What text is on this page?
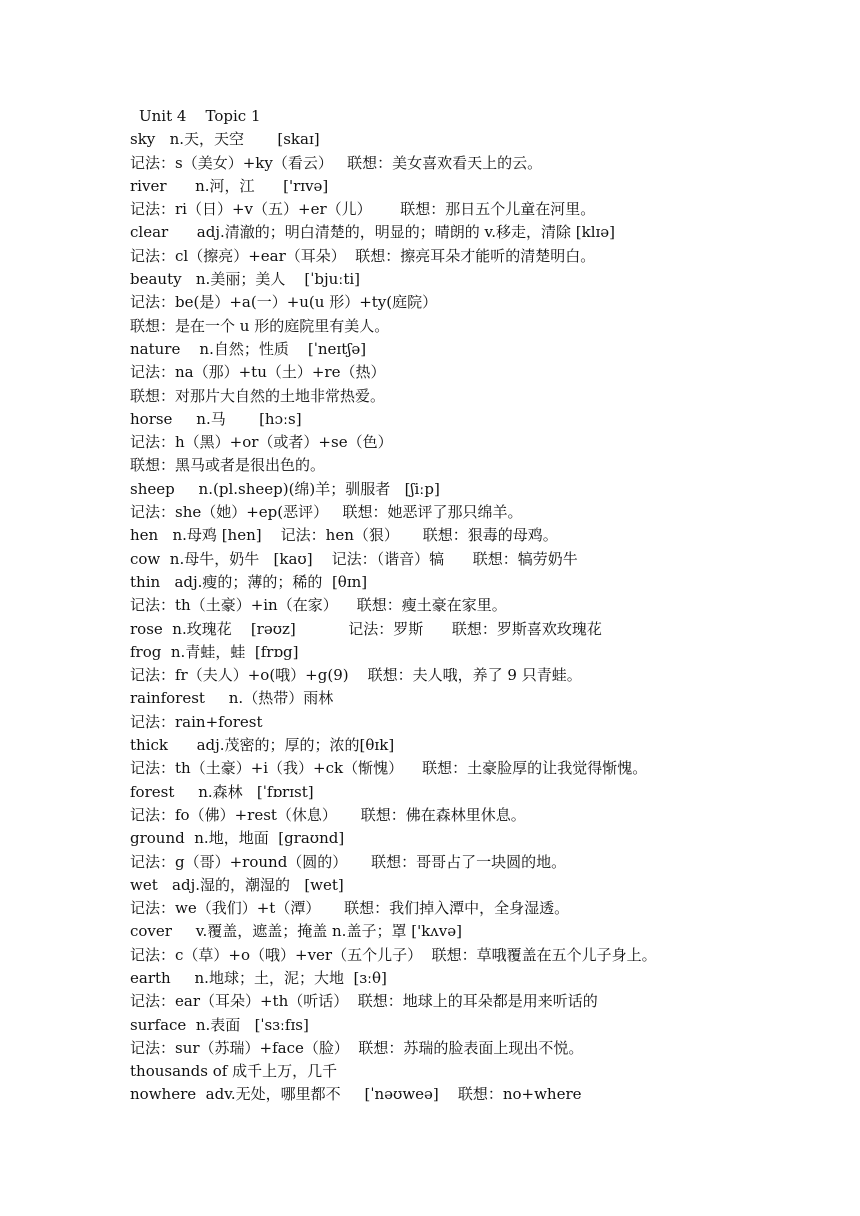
Unit 4    Topic 1
sky   n.天，天空       [skaɪ]
记法：s（美女）+ky（看云）   联想：美女喜欢看天上的云。
river      n.河，江      ['rɪvə]
记法：ri（日）+v（五）+er（儿）      联想：那日五个儿童在河里。
clear      adj.清澈的；明白清楚的，明显的；晴朗的 v.移走，清除 [klɪə]
记法：cl（擦亮）+ear（耳朵）  联想：擦亮耳朵才能听的清楚明白。
beauty   n.美丽；美人    [ˈbjuːti]
记法：be(是）+a(一）+u(u 形）+ty(庭院）
联想：是在一个 u 形的庭院里有美人。
nature    n.自然；性质    [ˈneɪtʃə]
记法：na（那）+tu（土）+re（热）
联想：对那片大自然的土地非常热爱。
horse     n.马       [hɔːs]
记法：h（黑）+or（或者）+se（色）
联想：黑马或者是很出色的。
sheep     n.(pl.sheep)(绵)羊；驯服者   [ʃiːp]
记法：she（她）+ep(恶评）   联想：她恶评了那只绵羊。
hen   n.母鸡 [hen]    记法：hen（狠）     联想：狠毒的母鸡。
cow  n.母牛，奶牛   [kaʊ]    记法：（谐音）犒      联想：犒劳奶牛
thin   adj.瘦的；薄的；稀的  [θɪn]
记法：th（土豪）+in（在家）    联想：瘦土豪在家里。
rose  n.玫瑰花    [rəʊz]           记法：罗斯      联想：罗斯喜欢玫瑰花
frog  n.青蛙，蛙  [frɒg]
记法：fr（夫人）+o(哦）+g(9)    联想：夫人哦，养了 9 只青蛙。
rainforest     n.（热带）雨林
记法：rain+forest
thick      adj.茂密的；厚的；浓的[θɪk]
记法：th（土豪）+i（我）+ck（惭愧）    联想：土豪脸厚的让我觉得惭愧。
forest     n.森林   [ˈfɒrɪst]
记法：fo（佛）+rest（休息）     联想：佛在森林里休息。
ground  n.地，地面  [graʊnd]
记法：g（哥）+round（圆的）     联想：哥哥占了一块圆的地。
wet   adj.湿的，潮湿的   [wet]
记法：we（我们）+t（潭）     联想：我们掉入潭中，全身湿透。
cover     v.覆盖，遮盖；掩盖 n.盖子；罩 ['kʌvə]
记法：c（草）+o（哦）+ver（五个儿子）  联想：草哦覆盖在五个儿子身上。
earth     n.地球；土，泥；大地  [ɜːθ]
记法：ear（耳朵）+th（听话）  联想：地球上的耳朵都是用来听话的
surface  n.表面   [ˈsɜːfɪs]
记法：sur（苏瑞）+face（脸）  联想：苏瑞的脸表面上现出不悦。
thousands of 成千上万，几千
nowhere  adv.无处，哪里都不     [ˈnəʊweə]    联想：no+where
